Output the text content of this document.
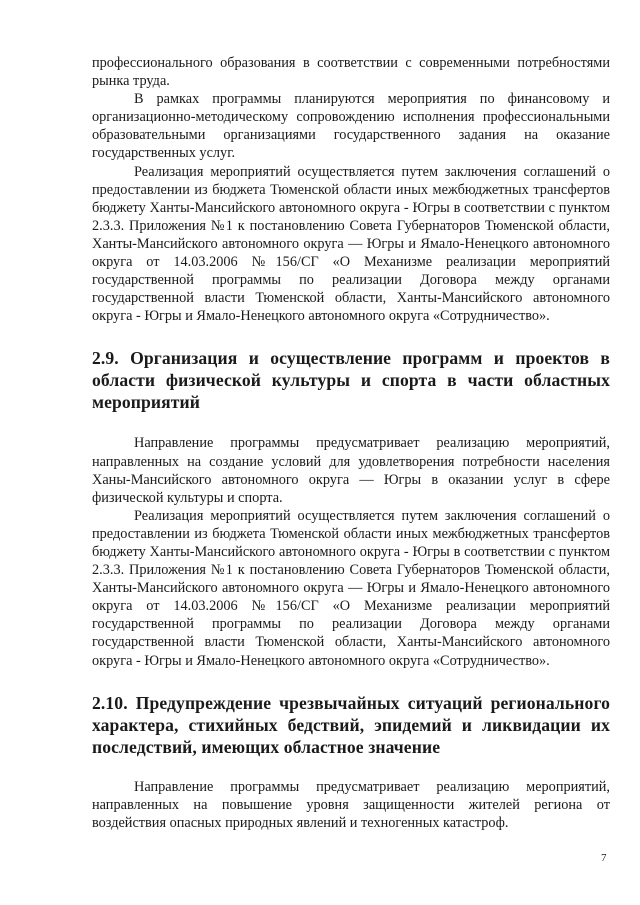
профессионального образования в соответствии с современными потребностями рынка труда.

В рамках программы планируются мероприятия по финансовому и организационно-методическому сопровождению исполнения профессиональными образовательными организациями государственного задания на оказание государственных услуг.

Реализация мероприятий осуществляется путем заключения соглашений о предоставлении из бюджета Тюменской области иных межбюджетных трансфертов бюджету Ханты-Мансийского автономного округа - Югры в соответствии с пунктом 2.3.3. Приложения №1 к постановлению Совета Губернаторов Тюменской области, Ханты-Мансийского автономного округа — Югры и Ямало-Ненецкого автономного округа от 14.03.2006 №156/СГ «О Механизме реализации мероприятий государственной программы по реализации Договора между органами государственной власти Тюменской области, Ханты-Мансийского автономного округа - Югры и Ямало-Ненецкого автономного округа «Сотрудничество».

2.9. Организация и осуществление программ и проектов в области физической культуры и спорта в части областных мероприятий

Направление программы предусматривает реализацию мероприятий, направленных на создание условий для удовлетворения потребности населения Ханы-Мансийского автономного округа — Югры в оказании услуг в сфере физической культуры и спорта.

Реализация мероприятий осуществляется путем заключения соглашений о предоставлении из бюджета Тюменской области иных межбюджетных трансфертов бюджету Ханты-Мансийского автономного округа - Югры в соответствии с пунктом 2.3.3. Приложения №1 к постановлению Совета Губернаторов Тюменской области, Ханты-Мансийского автономного округа — Югры и Ямало-Ненецкого автономного округа от 14.03.2006 №156/СГ «О Механизме реализации мероприятий государственной программы по реализации Договора между органами государственной власти Тюменской области, Ханты-Мансийского автономного округа - Югры и Ямало-Ненецкого автономного округа «Сотрудничество».

2.10. Предупреждение чрезвычайных ситуаций регионального характера, стихийных бедствий, эпидемий и ликвидации их последствий, имеющих областное значение

Направление программы предусматривает реализацию мероприятий, направленных на повышение уровня защищенности жителей региона от воздействия опасных природных явлений и техногенных катастроф.

7
